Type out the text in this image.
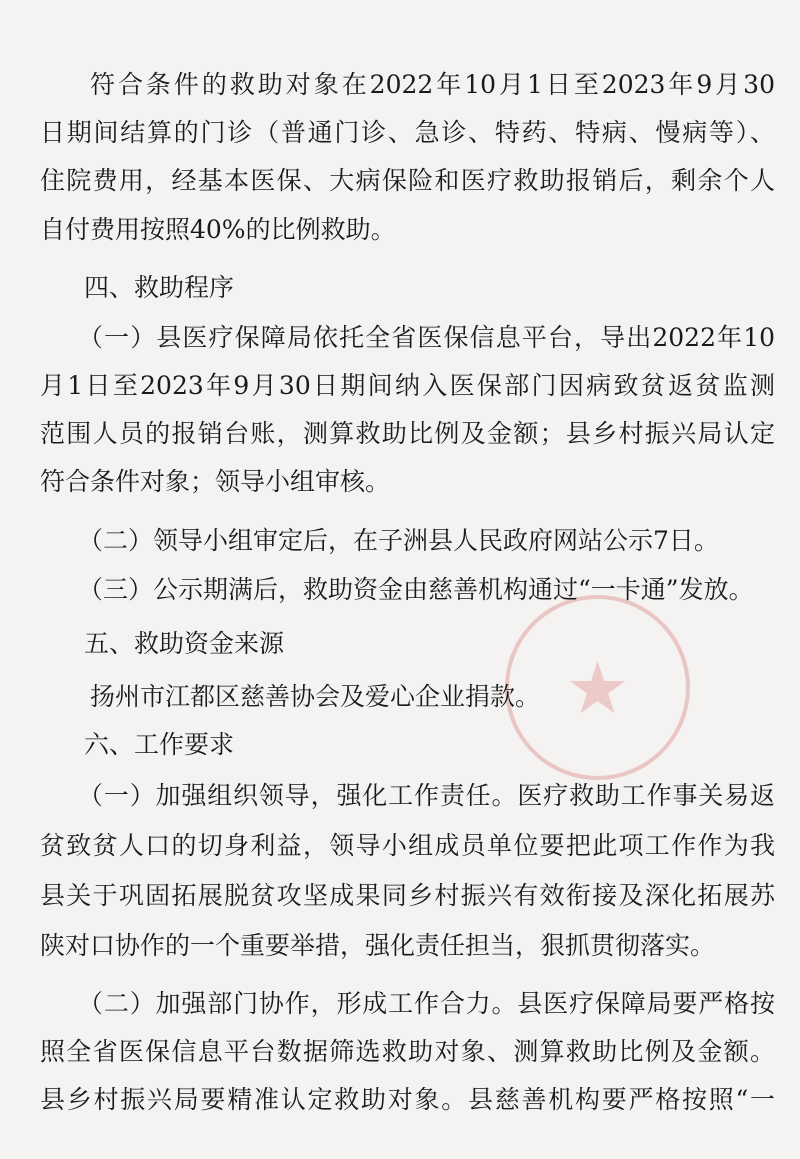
★
符合条件的救助对象在2022年10月1日至2023年9月30
日期间结算的门诊（普通门诊、急诊、特药、特病、慢病等）、
住院费用，经基本医保、大病保险和医疗救助报销后，剩余个人
自付费用按照40%的比例救助。
四、救助程序
（一）县医疗保障局依托全省医保信息平台，导出2022年10
月1日至2023年9月30日期间纳入医保部门因病致贫返贫监测
范围人员的报销台账，测算救助比例及金额；县乡村振兴局认定
符合条件对象；领导小组审核。
（二）领导小组审定后，在子洲县人民政府网站公示7日。
（三）公示期满后，救助资金由慈善机构通过“一卡通”发放。
五、救助资金来源
扬州市江都区慈善协会及爱心企业捐款。
六、工作要求
（一）加强组织领导，强化工作责任。医疗救助工作事关易返
贫致贫人口的切身利益，领导小组成员单位要把此项工作作为我
县关于巩固拓展脱贫攻坚成果同乡村振兴有效衔接及深化拓展苏
陕对口协作的一个重要举措，强化责任担当，狠抓贯彻落实。
（二）加强部门协作，形成工作合力。县医疗保障局要严格按
照全省医保信息平台数据筛选救助对象、测算救助比例及金额。
县乡村振兴局要精准认定救助对象。县慈善机构要严格按照“一
